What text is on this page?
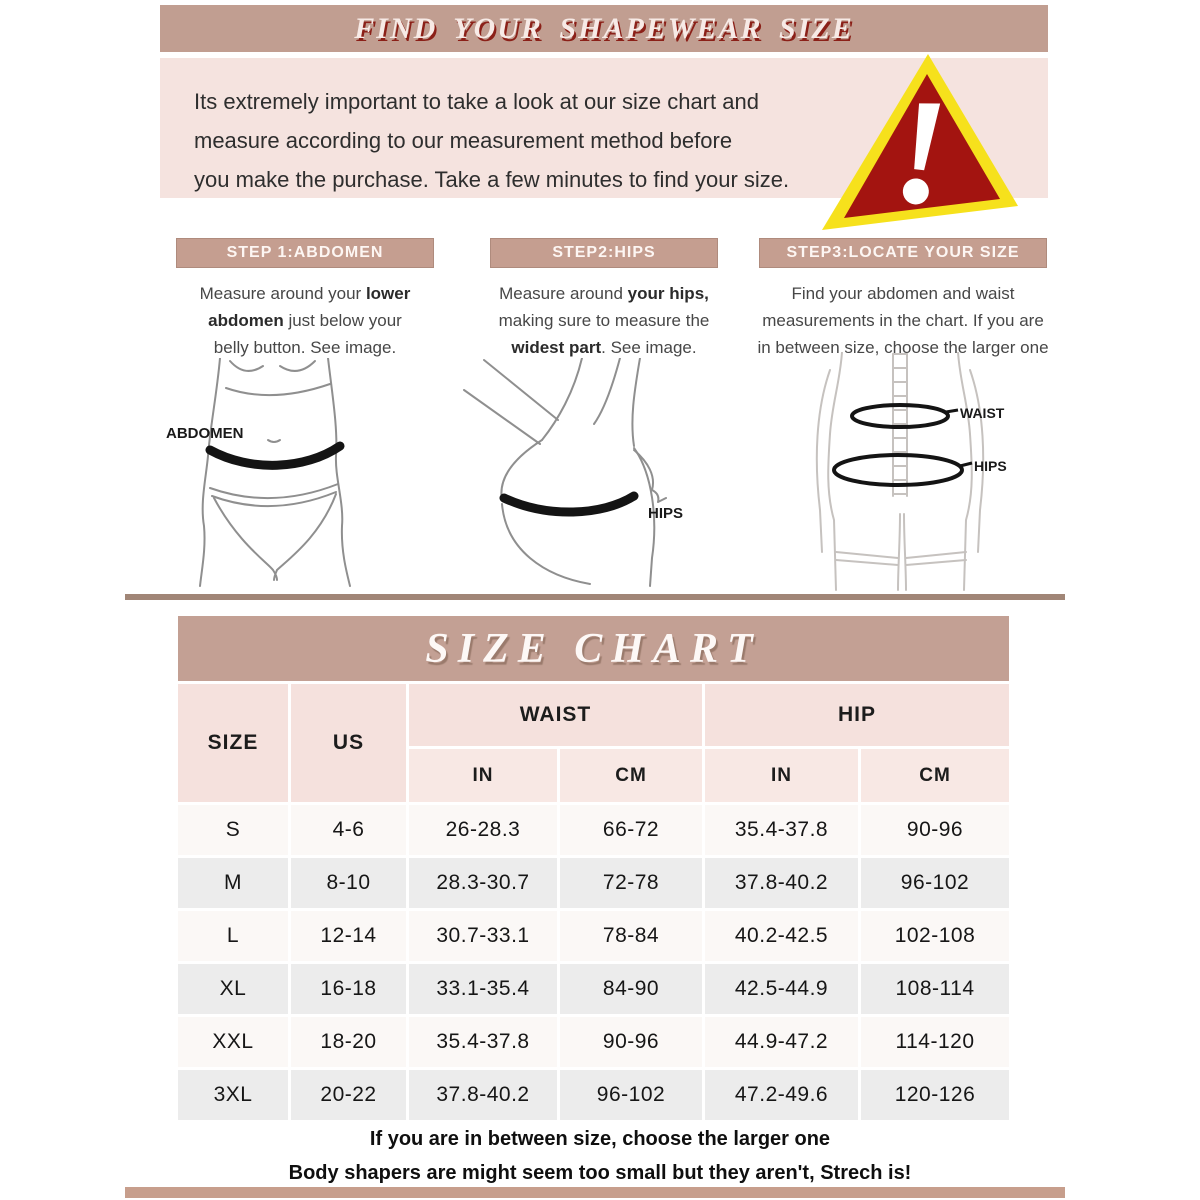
FIND YOUR SHAPEWEAR SIZE
Its extremely important to take a look at our size chart and
measure according to our measurement method before
you make the purchase. Take a few minutes to find your size.
STEP 1:ABDOMEN
Measure around your lower
abdomen just below your
belly button. See image.
STEP2:HIPS
Measure around your hips,
making sure to measure the
widest part. See image.
STEP3:LOCATE YOUR SIZE
Find your abdomen and waist
measurements in the chart. If you are
in between size, choose the larger one
ABDOMEN
HIPS
WAIST
HIPS
SIZE CHART
SIZE	US
WAIST	HIP
IN	CM	IN	CM
S	4-6	26-28.3	66-72	35.4-37.8	90-96
M	8-10	28.3-30.7	72-78	37.8-40.2	96-102
L	12-14	30.7-33.1	78-84	40.2-42.5	102-108
XL	16-18	33.1-35.4	84-90	42.5-44.9	108-114
XXL	18-20	35.4-37.8	90-96	44.9-47.2	114-120
3XL	20-22	37.8-40.2	96-102	47.2-49.6	120-126
If you are in between size, choose the larger one
Body shapers are might seem too small but they aren't, Strech is!
